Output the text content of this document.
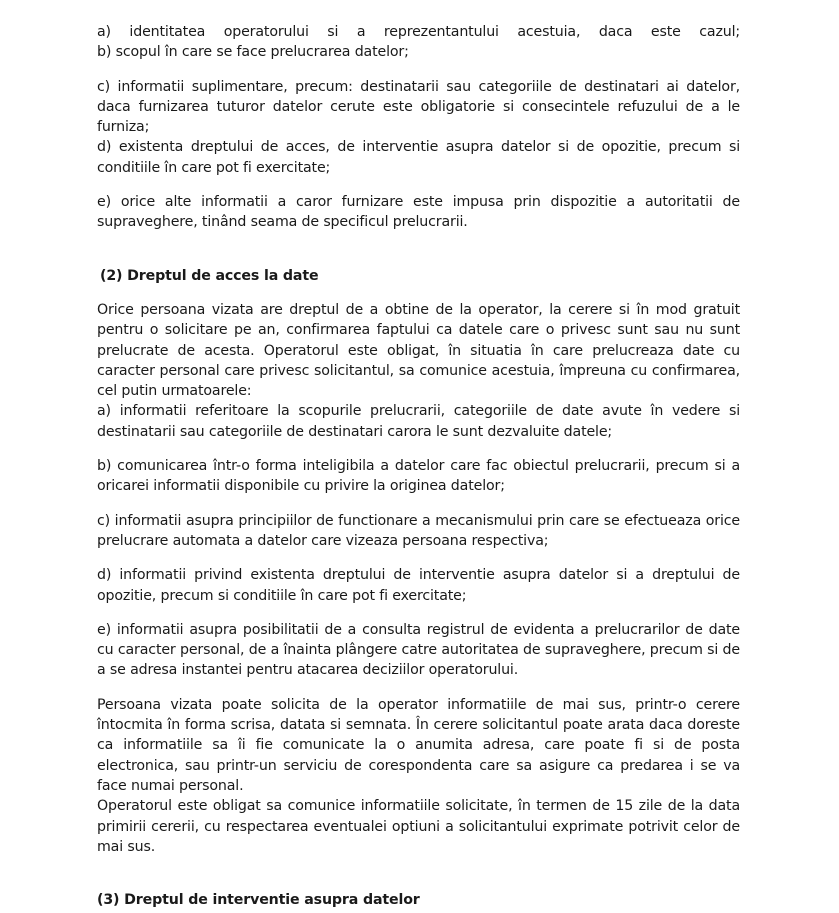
a) identitatea operatorului si a reprezentantului acestuia, daca este cazul;

b) scopul în care se face prelucrarea datelor;

c) informatii suplimentare, precum: destinatarii sau categoriile de destinatari ai datelor, daca furnizarea tuturor datelor cerute este obligatorie si consecintele refuzului de a le furniza;

d) existenta dreptului de acces, de interventie asupra datelor si de opozitie, precum si conditiile în care pot fi exercitate;

e) orice alte informatii a caror furnizare este impusa prin dispozitie a autoritatii de supraveghere, tinând seama de specificul prelucrarii.

(2) Dreptul de acces la date

Orice persoana vizata are dreptul de a obtine de la operator, la cerere si în mod gratuit pentru o solicitare pe an, confirmarea faptului ca datele care o privesc sunt sau nu sunt prelucrate de acesta. Operatorul este obligat, în situatia în care prelucreaza date cu caracter personal care privesc solicitantul, sa comunice acestuia, împreuna cu confirmarea, cel putin urmatoarele:

a) informatii referitoare la scopurile prelucrarii, categoriile de date avute în vedere si destinatarii sau categoriile de destinatari carora le sunt dezvaluite datele;

b) comunicarea într-o forma inteligibila a datelor care fac obiectul prelucrarii, precum si a oricarei informatii disponibile cu privire la originea datelor;

c) informatii asupra principiilor de functionare a mecanismului prin care se efectueaza orice prelucrare automata a datelor care vizeaza persoana respectiva;

d) informatii privind existenta dreptului de interventie asupra datelor si a dreptului de opozitie, precum si conditiile în care pot fi exercitate;

e) informatii asupra posibilitatii de a consulta registrul de evidenta a prelucrarilor de date cu caracter personal, de a înainta plângere catre autoritatea de supraveghere, precum si de a se adresa instantei pentru atacarea deciziilor operatorului.

Persoana vizata poate solicita de la operator informatiile de mai sus, printr-o cerere întocmita în forma scrisa, datata si semnata. În cerere solicitantul poate arata daca doreste ca informatiile sa îi fie comunicate la o anumita adresa, care poate fi si de posta electronica, sau printr-un serviciu de corespondenta care sa asigure ca predarea i se va face numai personal.

Operatorul este obligat sa comunice informatiile solicitate, în termen de 15 zile de la data primirii cererii, cu respectarea eventualei optiuni a solicitantului exprimate potrivit celor de mai sus.

(3) Dreptul de interventie asupra datelor
